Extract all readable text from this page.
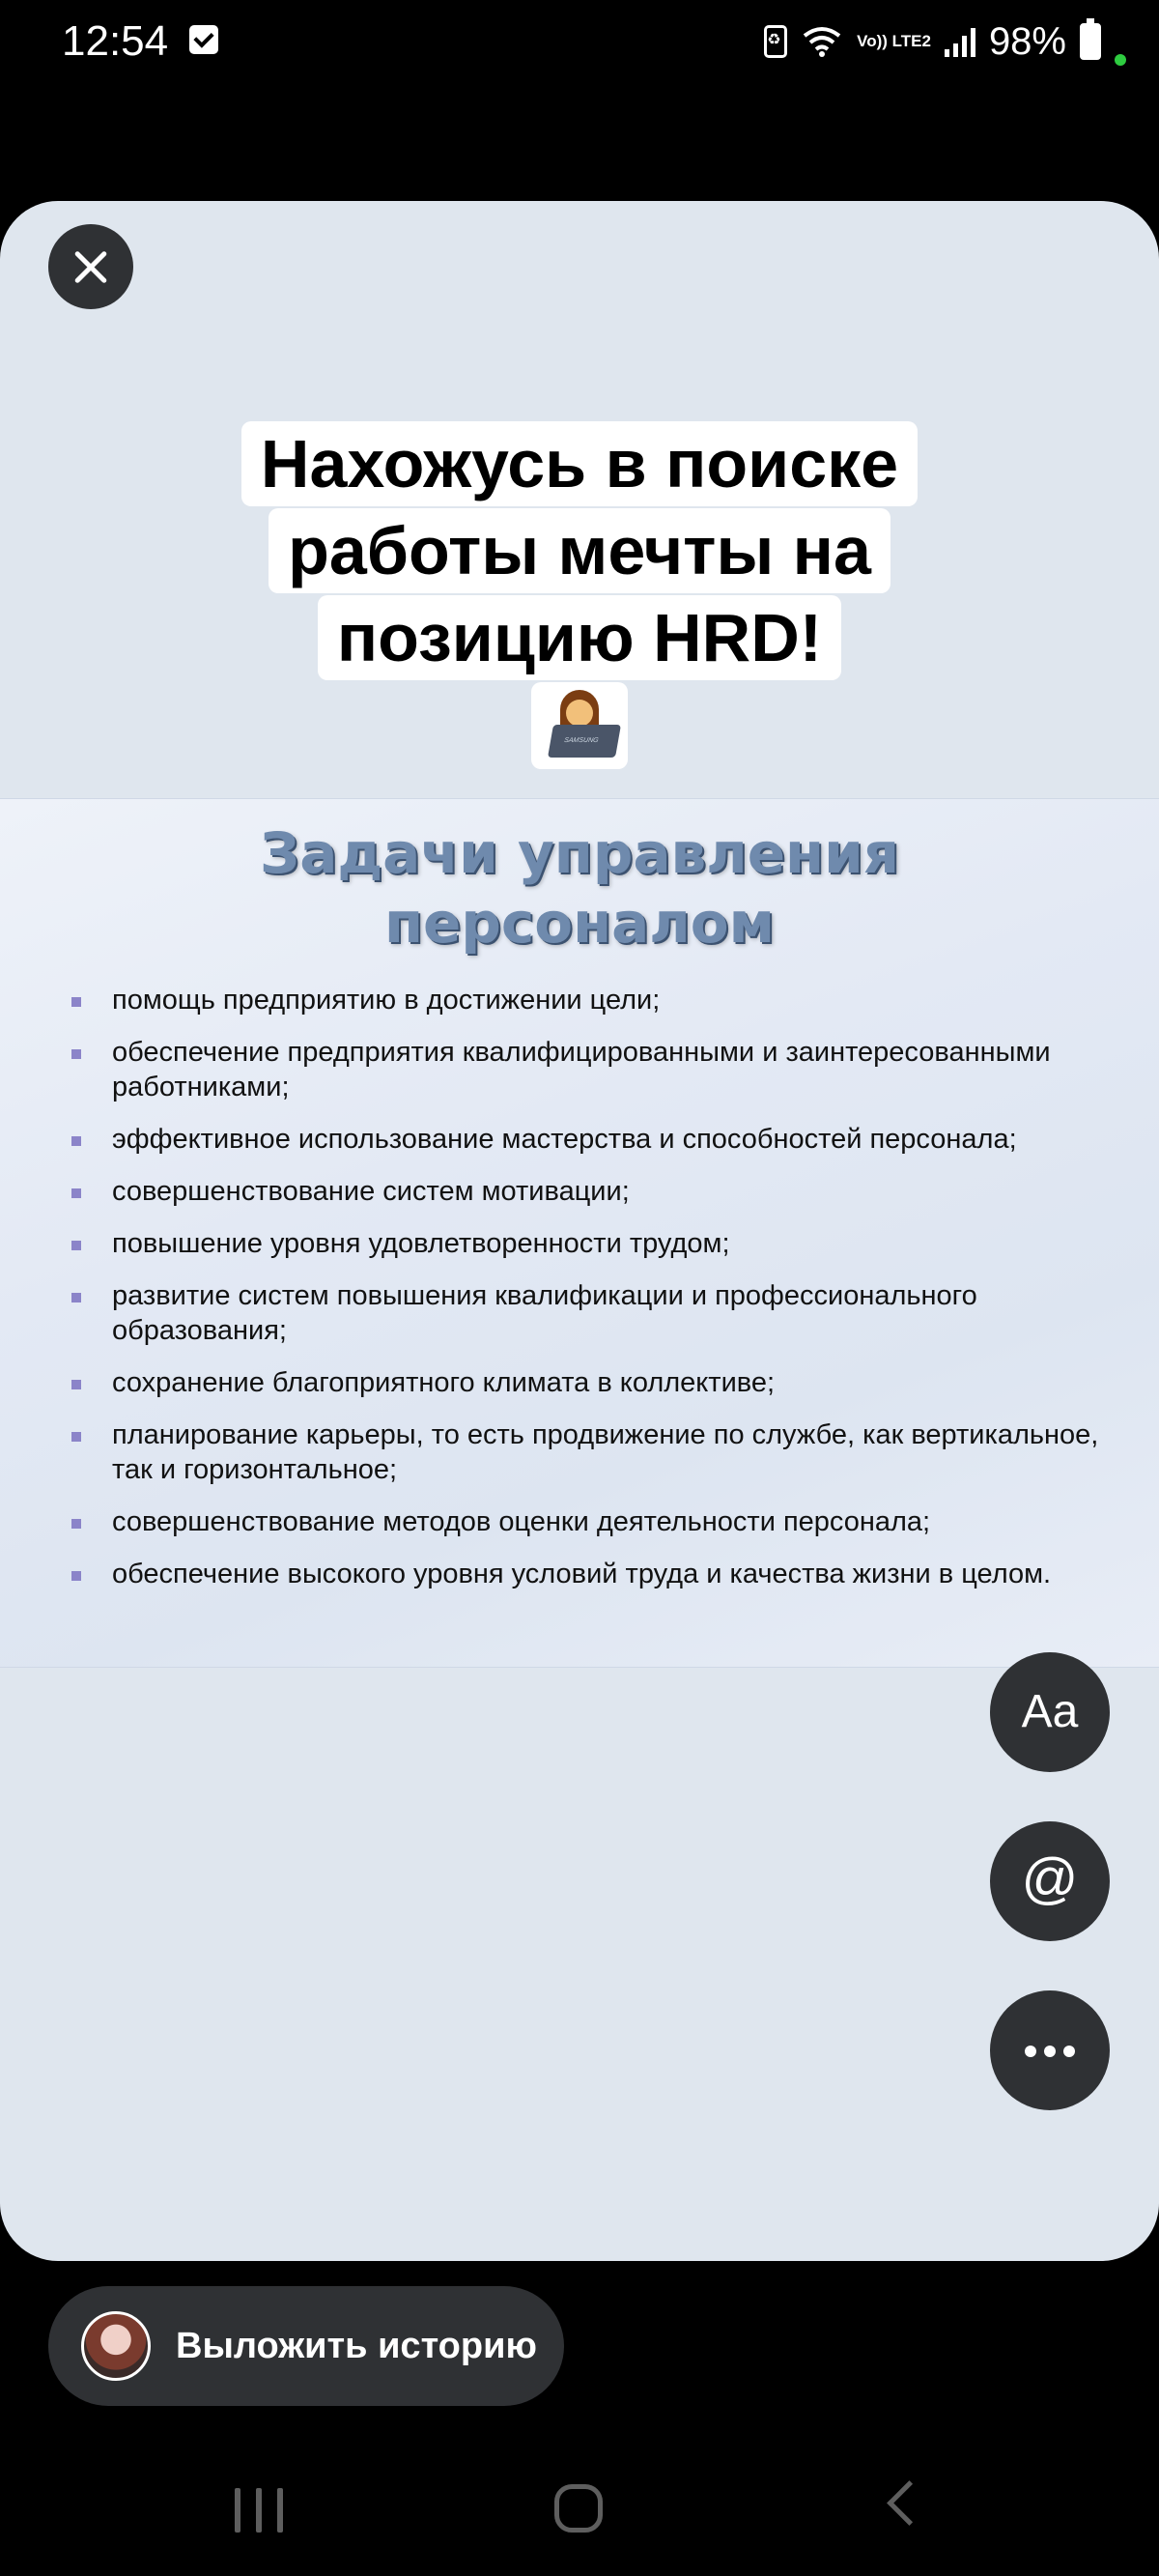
12:54
♻	Vo)) LTE2 98%
Нахожусь в поиске
работы мечты на
позицию HRD!
SAMSUNG
Задачи управления
персоналом
помощь предприятию в достижении цели;
обеспечение предприятия квалифицированными и заинтересованными работниками;
эффективное использование мастерства и способностей персонала;
совершенствование систем мотивации;
повышение уровня удовлетворенности трудом;
развитие систем повышения квалификации и профессионального образования;
сохранение благоприятного климата в коллективе;
планирование карьеры, то есть продвижение по службе, как вертикальное, так и горизонтальное;
совершенствование методов оценки деятельности персонала;
обеспечение высокого уровня условий труда и качества жизни в целом.
Aa
@
Выложить историю
